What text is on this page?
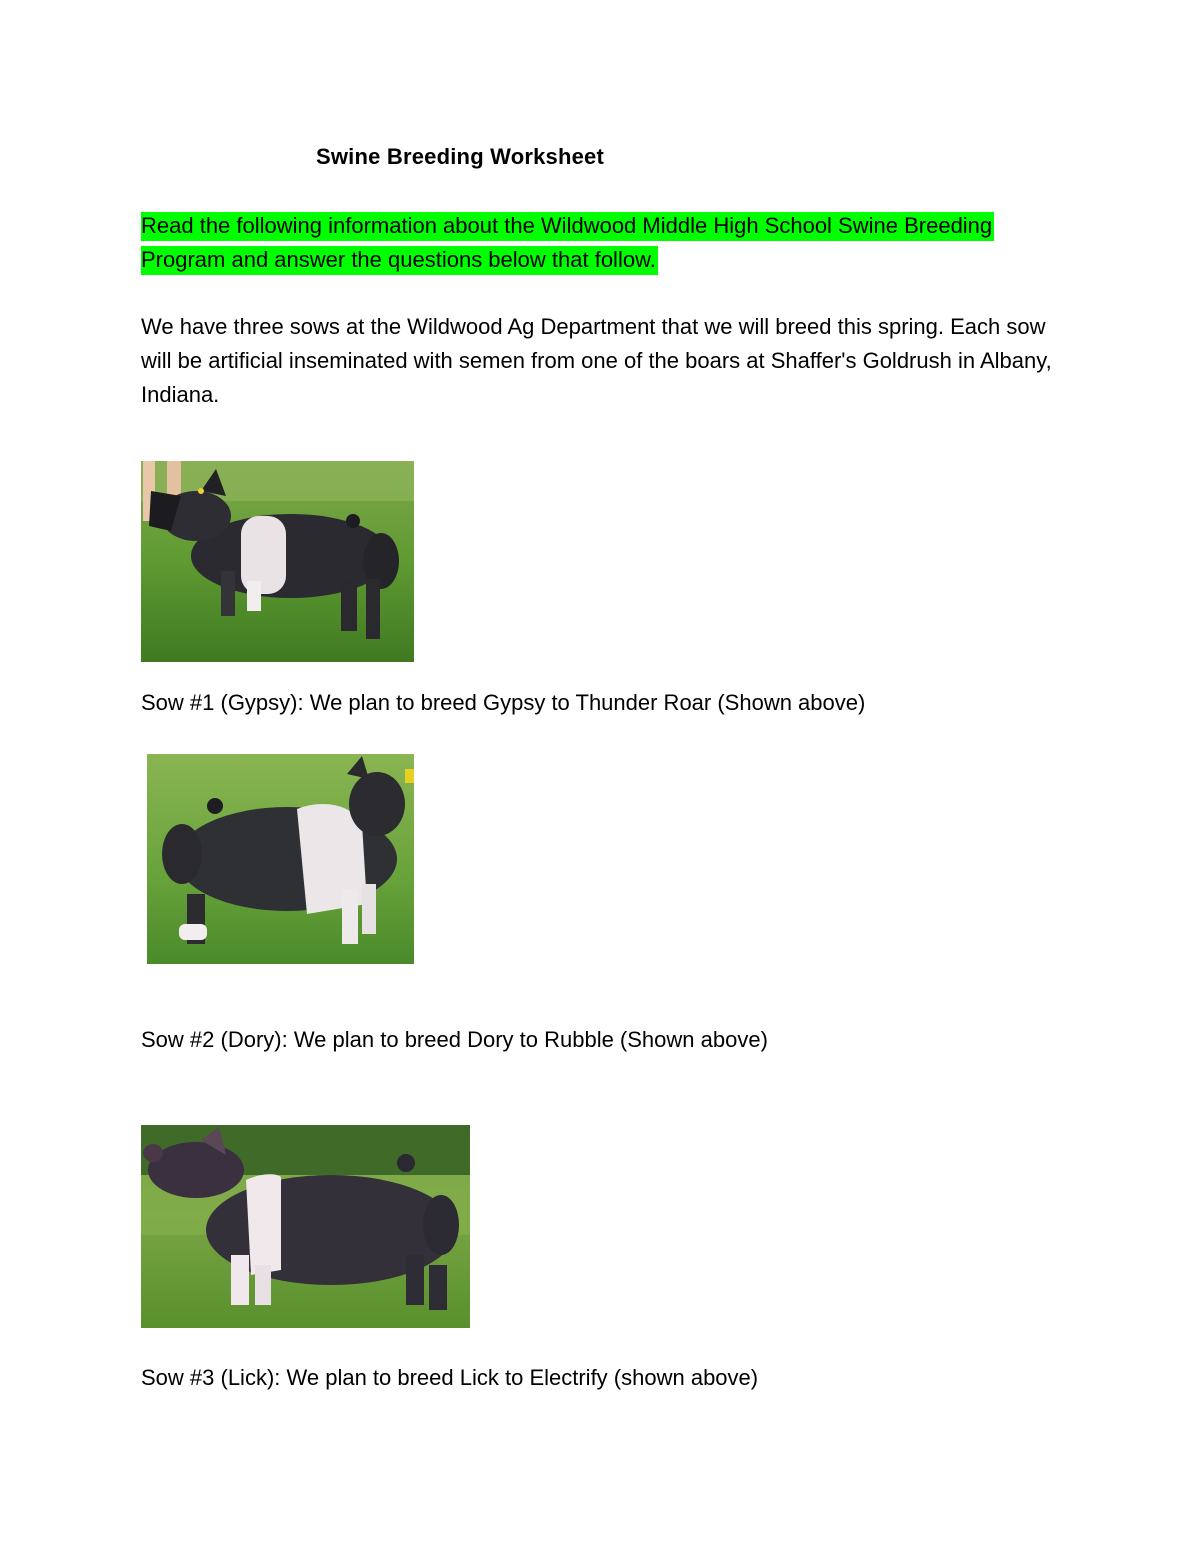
Swine Breeding Worksheet
Read the following information about the Wildwood Middle High School Swine Breeding Program and answer the questions below that follow.
We have three sows at the Wildwood Ag Department that we will breed this spring. Each sow will be artificial inseminated with semen from one of the boars at Shaffer's Goldrush in Albany, Indiana.
Sow #1 (Gypsy): We plan to breed Gypsy to Thunder Roar (Shown above)
Sow #2 (Dory): We plan to breed Dory to Rubble (Shown above)
Sow #3 (Lick): We plan to breed Lick to Electrify (shown above)
